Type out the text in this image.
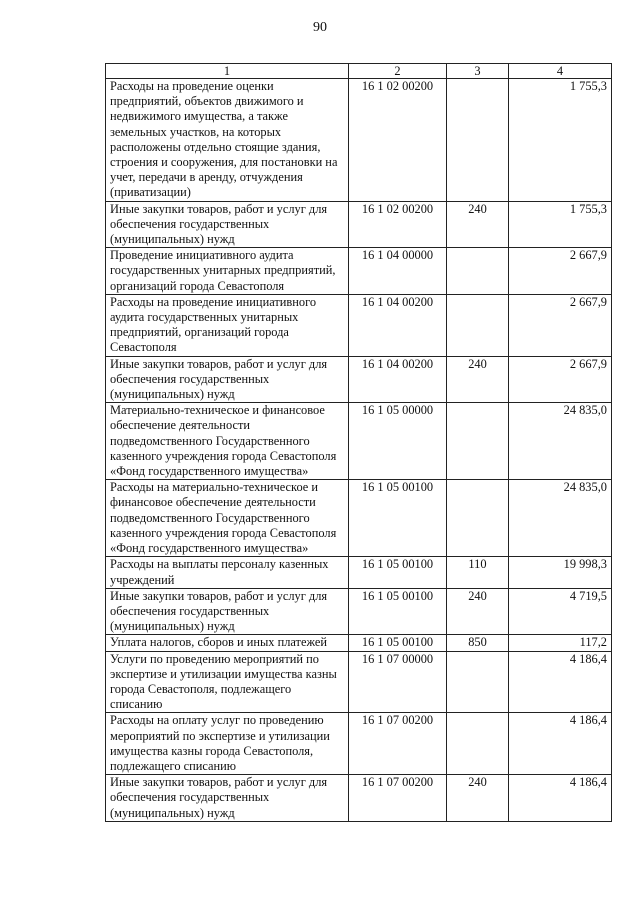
90
1	2	3	4
Расходы на проведение оценки предприятий, объектов движимого и недвижимого имущества, а также земельных участков, на которых расположены отдельно стоящие здания, строения и сооружения, для постановки на учет, передачи в аренду, отчуждения (приватизации)	16 1 02 00200		1 755,3
Иные закупки товаров, работ и услуг для обеспечения государственных (муниципальных) нужд	16 1 02 00200	240	1 755,3
Проведение инициативного аудита государственных унитарных предприятий, организаций города Севастополя	16 1 04 00000		2 667,9
Расходы на проведение инициативного аудита государственных унитарных предприятий, организаций города Севастополя	16 1 04 00200		2 667,9
Иные закупки товаров, работ и услуг для обеспечения государственных (муниципальных) нужд	16 1 04 00200	240	2 667,9
Материально-техническое и финансовое обеспечение деятельности подведомственного Государственного казенного учреждения города Севастополя «Фонд государственного имущества»	16 1 05 00000		24 835,0
Расходы на материально-техническое и финансовое обеспечение деятельности подведомственного Государственного казенного учреждения города Севастополя «Фонд государственного имущества»	16 1 05 00100		24 835,0
Расходы на выплаты персоналу казенных учреждений	16 1 05 00100	110	19 998,3
Иные закупки товаров, работ и услуг для обеспечения государственных (муниципальных) нужд	16 1 05 00100	240	4 719,5
Уплата налогов, сборов и иных платежей	16 1 05 00100	850	117,2
Услуги по проведению мероприятий по экспертизе и утилизации имущества казны города Севастополя, подлежащего списанию	16 1 07 00000		4 186,4
Расходы на оплату услуг по проведению мероприятий по экспертизе и утилизации имущества казны города Севастополя, подлежащего списанию	16 1 07 00200		4 186,4
Иные закупки товаров, работ и услуг для обеспечения государственных (муниципальных) нужд	16 1 07 00200	240	4 186,4
